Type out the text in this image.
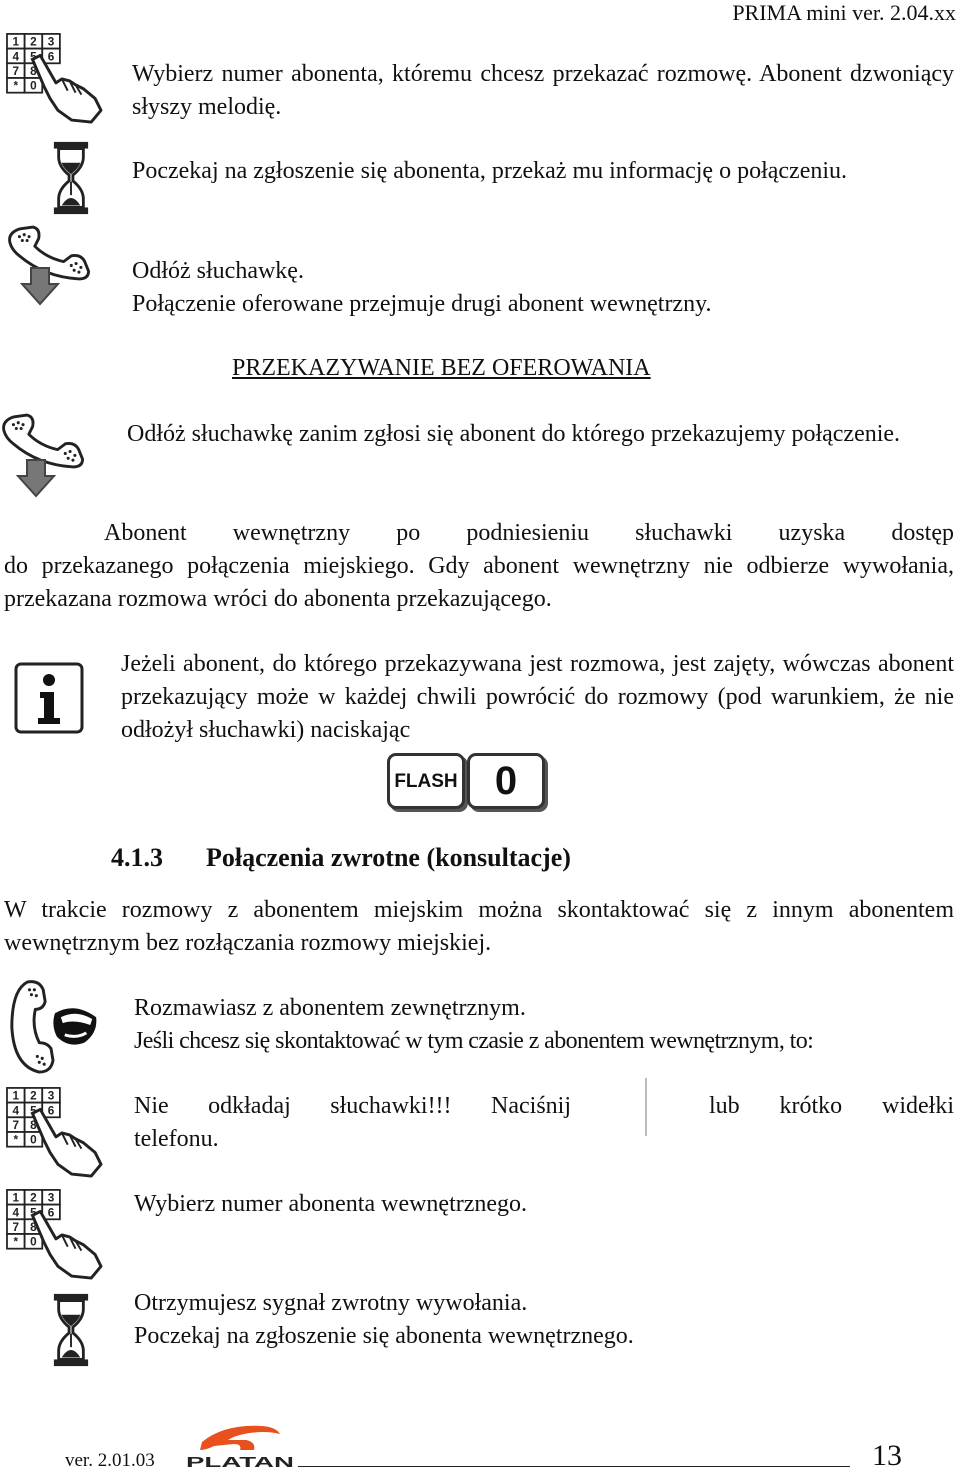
PRIMA mini ver. 2.04.xx
Wybierz numer abonenta, któremu chcesz przekazać rozmowę. Abonent dzwoniący słyszy melodię.
Poczekaj na zgłoszenie się abonenta, przekaż mu informację o połączeniu.
Odłóż słuchawkę.
Połączenie oferowane przejmuje drugi abonent wewnętrzny.
PRZEKAZYWANIE BEZ OFEROWANIA
Odłóż słuchawkę zanim zgłosi się abonent do którego przekazujemy połączenie.
Abonent wewnętrzny po podniesieniu słuchawki uzyska dostęp
do przekazanego połączenia miejskiego. Gdy abonent wewnętrzny nie odbierze wywołania, przekazana rozmowa wróci do abonenta przekazującego.
Jeżeli abonent, do którego przekazywana jest rozmowa, jest zajęty, wówczas abonent przekazujący może w każdej chwili powrócić do rozmowy (pod warunkiem, że nie odłożył słuchawki) naciskając
FLASH 0
4.1.3 Połączenia zwrotne (konsultacje)
W trakcie rozmowy z abonentem miejskim można skontaktować się z innym abonentem wewnętrznym bez rozłączania rozmowy miejskiej.
Rozmawiasz z abonentem zewnętrznym.
Jeśli chcesz się skontaktować w tym czasie z abonentem wewnętrznym, to:
Nie odkładaj słuchawki!!! Naciśnij	lub krótko widełki
telefonu.
Wybierz numer abonenta wewnętrznego.
Otrzymujesz sygnał zwrotny wywołania.
Poczekaj na zgłoszenie się abonenta wewnętrznego.
ver. 2.01.03 PLATAN	13
